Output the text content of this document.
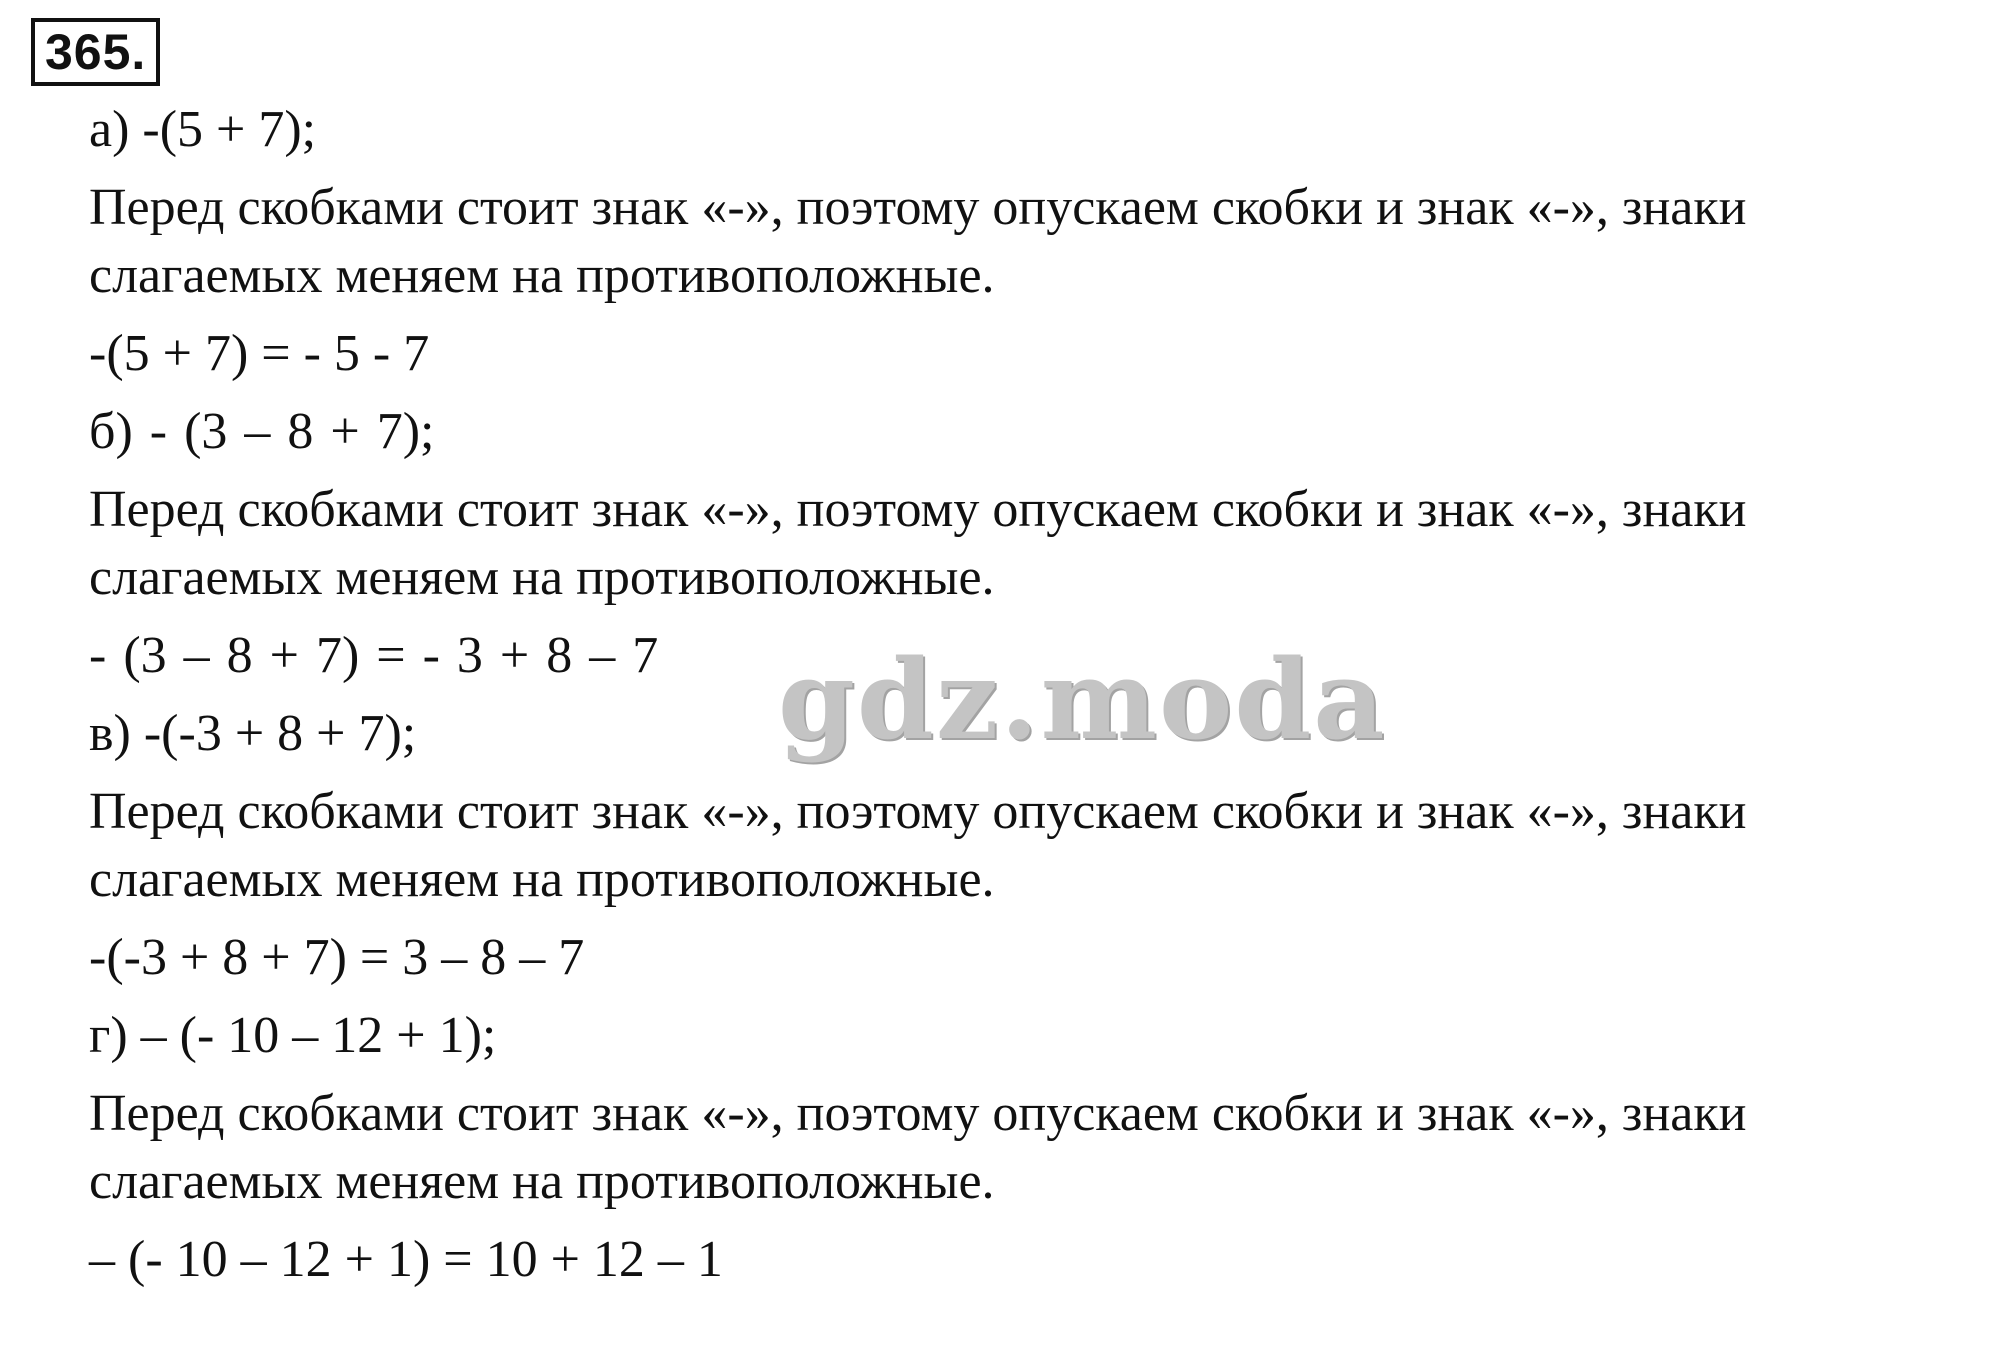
365.
а) -(5 + 7);
Перед скобками стоит знак «-», поэтому опускаем скобки и знак «-», знаки
слагаемых меняем на противоположные.
-(5 + 7) = - 5 - 7
б) - (3 – 8 + 7);
Перед скобками стоит знак «-», поэтому опускаем скобки и знак «-», знаки
слагаемых меняем на противоположные.
- (3 – 8 + 7) = - 3 + 8 – 7
в) -(-3 + 8 + 7);
Перед скобками стоит знак «-», поэтому опускаем скобки и знак «-», знаки
слагаемых меняем на противоположные.
-(-3 + 8 + 7) = 3 – 8 – 7
г) – (- 10 – 12 + 1);
Перед скобками стоит знак «-», поэтому опускаем скобки и знак «-», знаки
слагаемых меняем на противоположные.
– (- 10 – 12 + 1) = 10 + 12 – 1
gdz.moda
